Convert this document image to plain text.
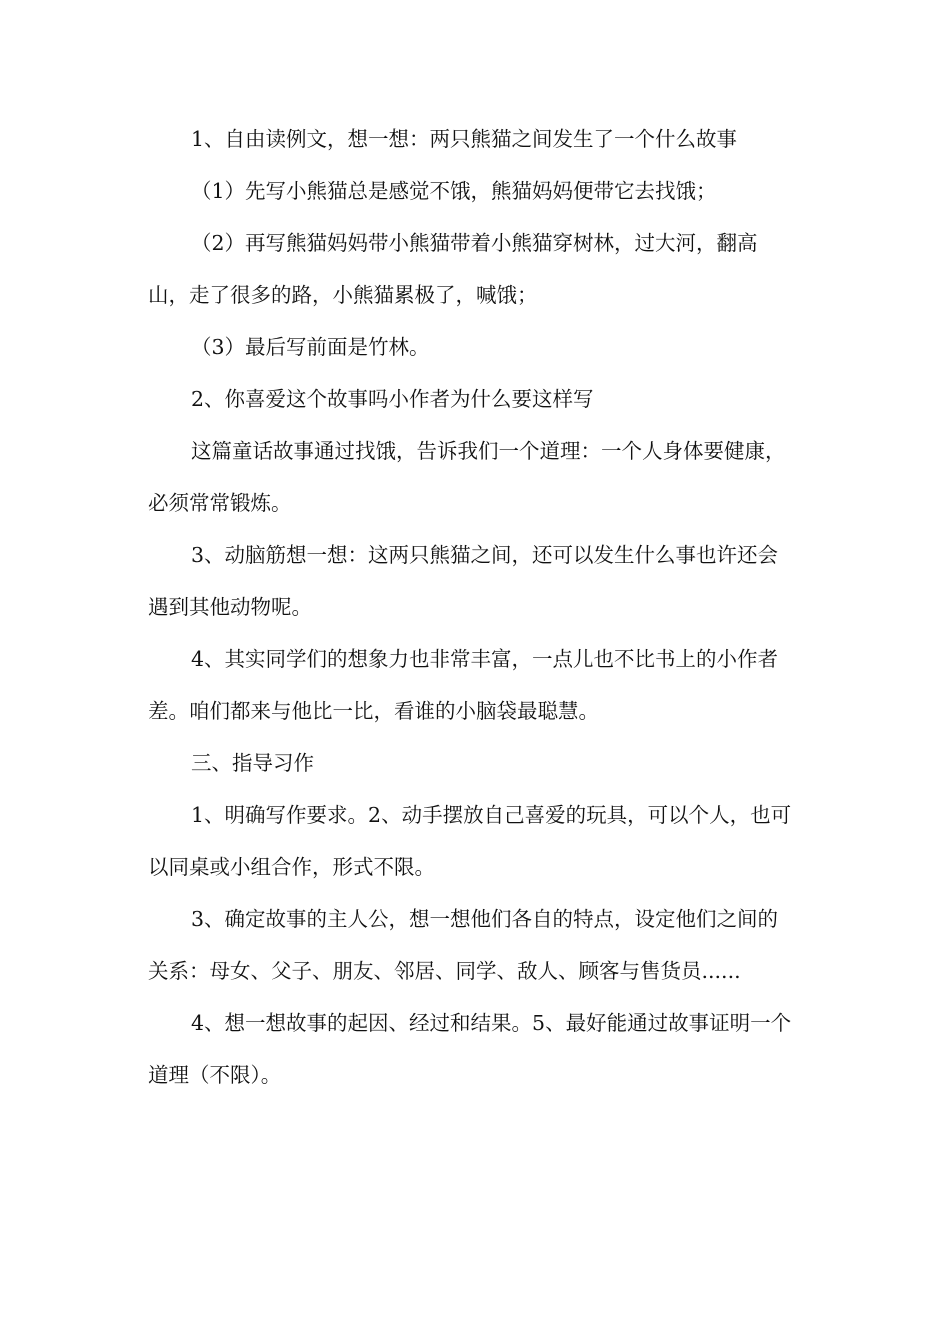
1、自由读例文，想一想：两只熊猫之间发生了一个什么故事

（1）先写小熊猫总是感觉不饿，熊猫妈妈便带它去找饿；

（2）再写熊猫妈妈带小熊猫带着小熊猫穿树林，过大河，翻高山，走了很多的路，小熊猫累极了，喊饿；

（3）最后写前面是竹林。

2、你喜爱这个故事吗小作者为什么要这样写

这篇童话故事通过找饿，告诉我们一个道理：一个人身体要健康，必须常常锻炼。

3、动脑筋想一想：这两只熊猫之间，还可以发生什么事也许还会遇到其他动物呢。

4、其实同学们的想象力也非常丰富，一点儿也不比书上的小作者差。咱们都来与他比一比，看谁的小脑袋最聪慧。

三、指导习作

1、明确写作要求。2、动手摆放自己喜爱的玩具，可以个人，也可以同桌或小组合作，形式不限。

3、确定故事的主人公，想一想他们各自的特点，设定他们之间的关系：母女、父子、朋友、邻居、同学、敌人、顾客与售货员......

4、想一想故事的起因、经过和结果。5、最好能通过故事证明一个道理（不限）。
